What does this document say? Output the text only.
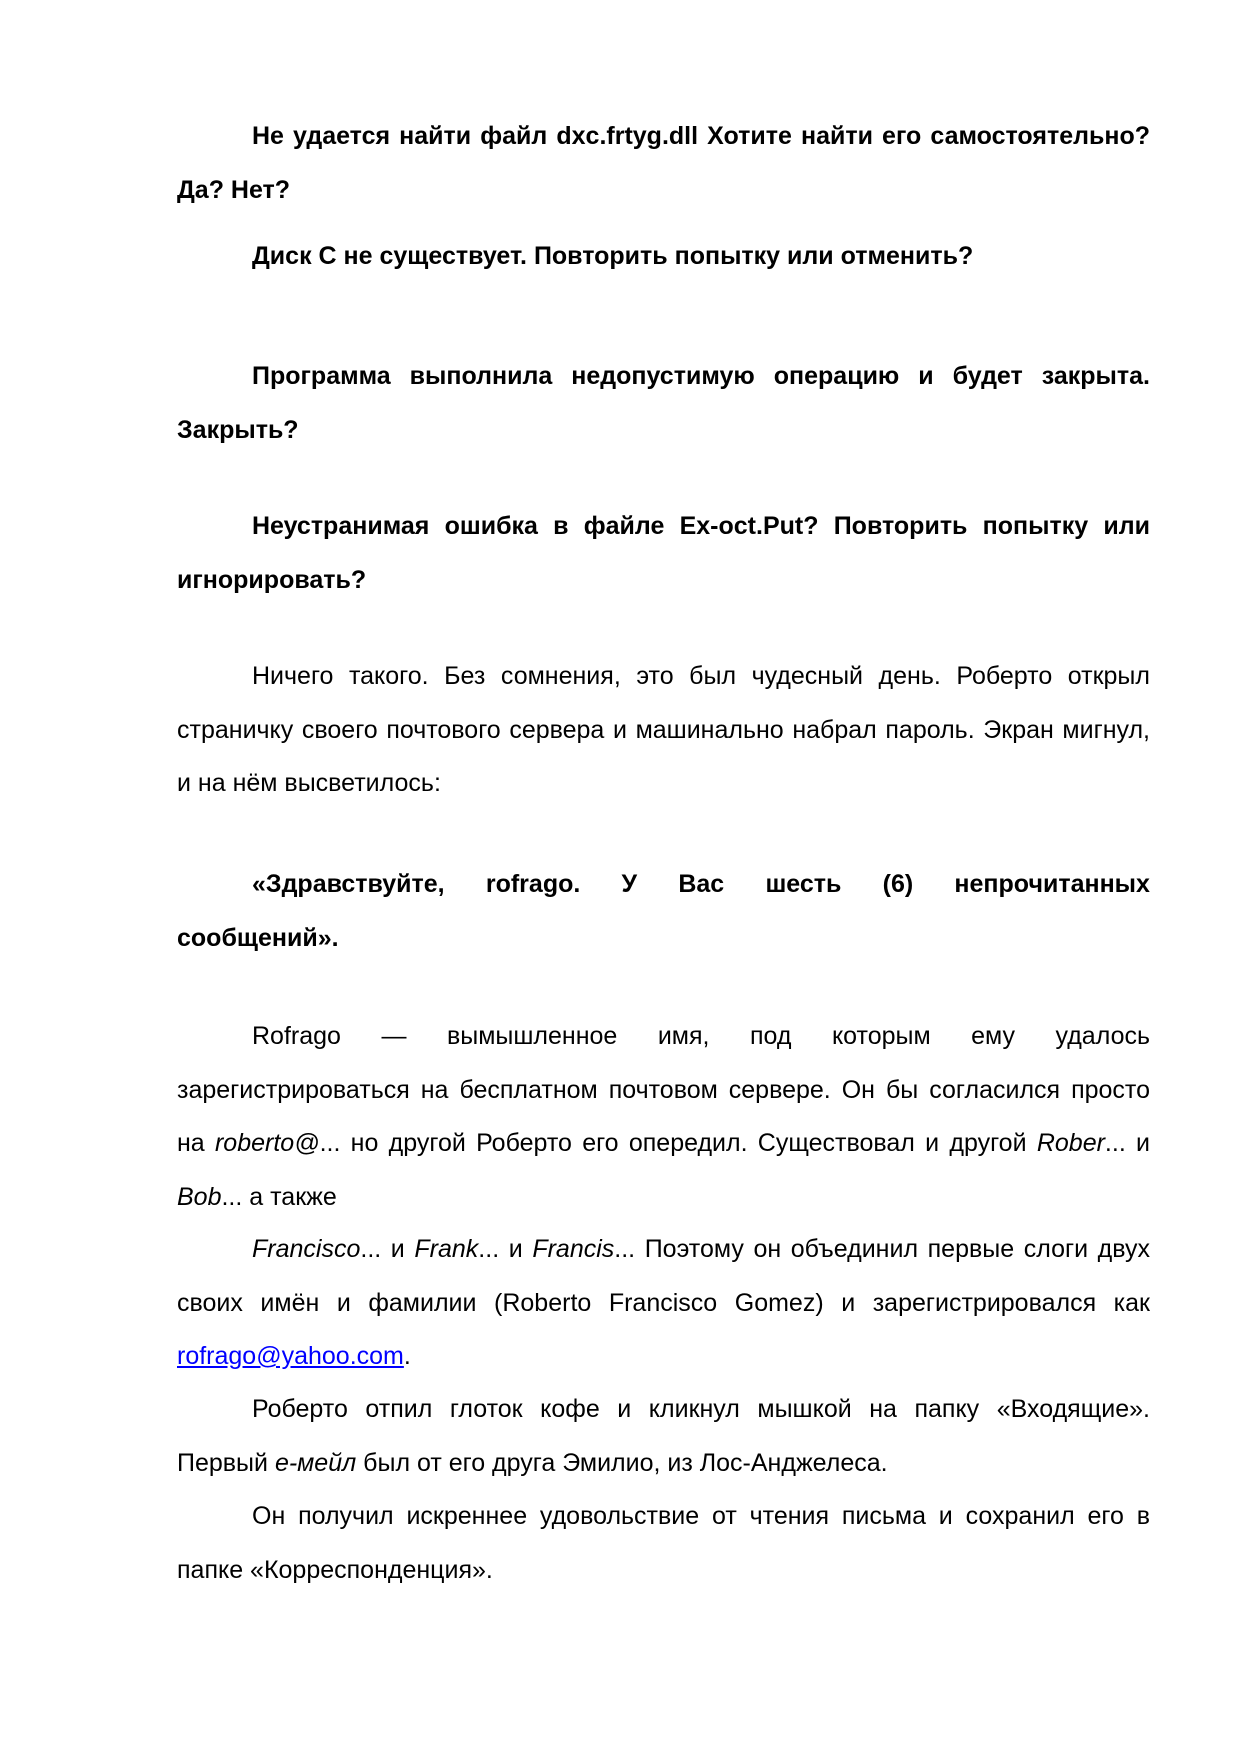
Не удается найти файл dxc.frtyg.dll Хотите найти его самостоятельно? Да? Нет?

Диск С не существует. Повторить попытку или отменить?

Программа выполнила недопустимую операцию и будет закрыта. Закрыть?

Неустранимая ошибка в файле Ex-oct.Put? Повторить попытку или игнорировать?

Ничего такого. Без сомнения, это был чудесный день. Роберто открыл страничку своего почтового сервера и машинально набрал пароль. Экран мигнул, и на нём высветилось:

«Здравствуйте, rofrago. У Вас шесть (6) непрочитанных
сообщений».

Rofrago — вымышленное имя, под которым ему удалось зарегистрироваться на бесплатном почтовом сервере. Он бы согласился просто на roberto@... но другой Роберто его опередил. Существовал и другой Rober... и Bob... а также

Francisco... и Frank... и Francis... Поэтому он объединил первые слоги двух своих имён и фамилии (Roberto Francisco Gomez) и зарегистрировался как rofrago@yahoo.com.

Роберто отпил глоток кофе и кликнул мышкой на папку «Входящие». Первый е-мейл был от его друга Эмилио, из Лос-Анджелеса.

Он получил искреннее удовольствие от чтения письма и сохранил его в папке «Корреспонденция».
